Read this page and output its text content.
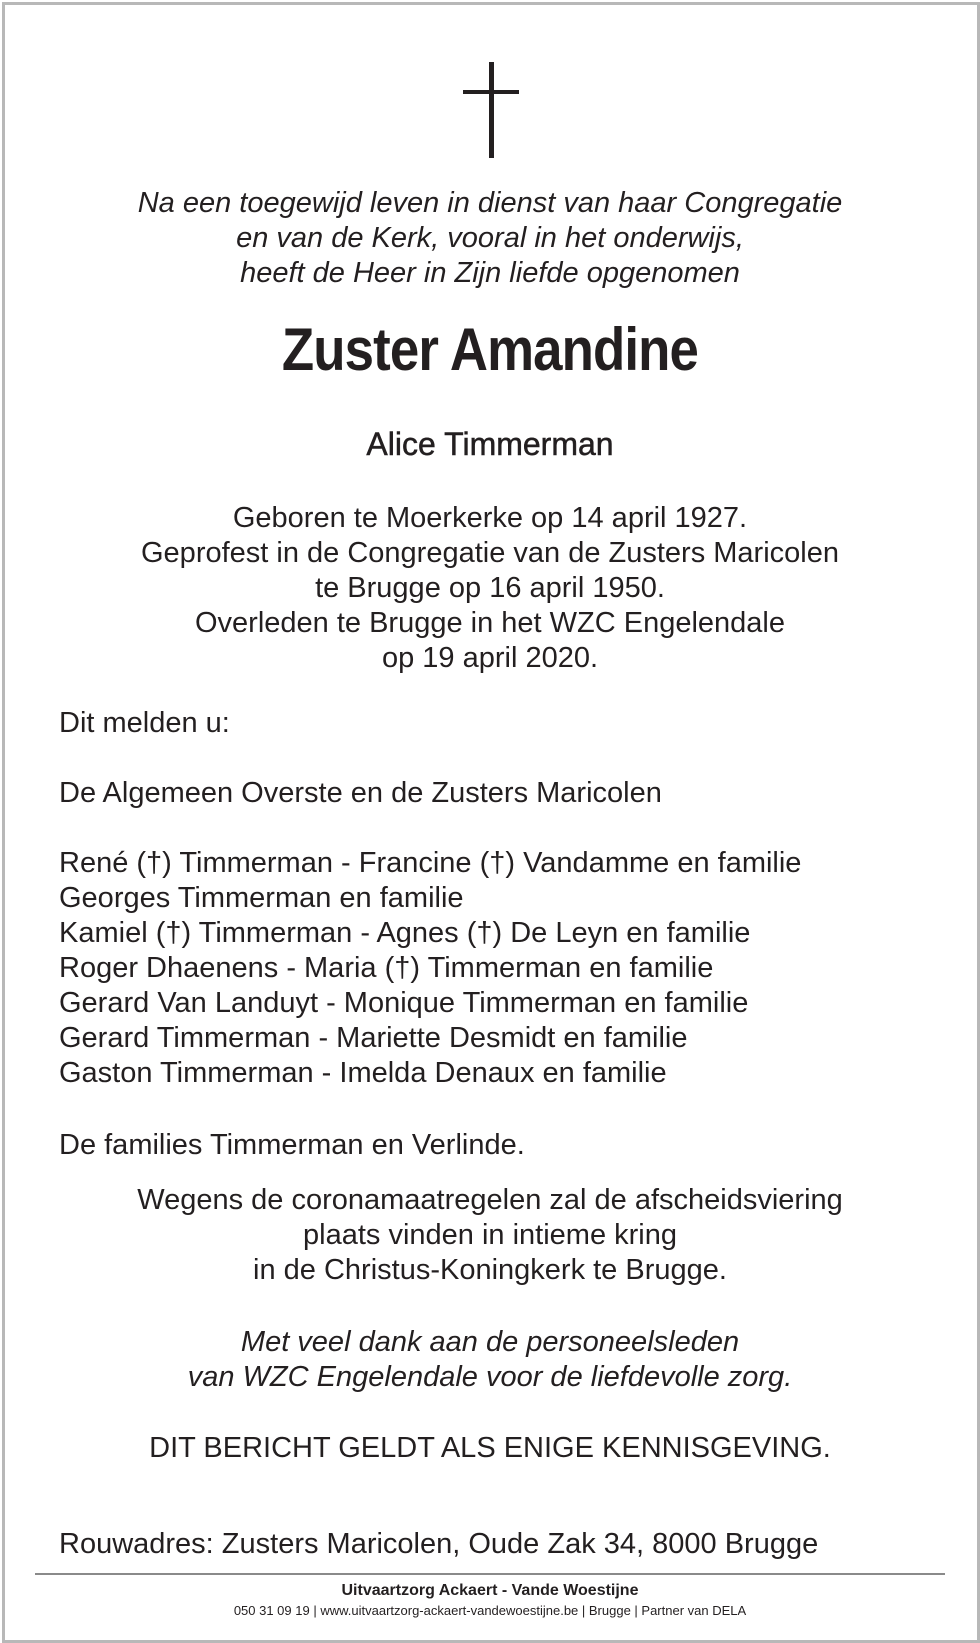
Na een toegewijd leven in dienst van haar Congregatie
en van de Kerk, vooral in het onderwijs,
heeft de Heer in Zijn liefde opgenomen
Zuster Amandine
Alice Timmerman
Geboren te Moerkerke op 14 april 1927.
Geprofest in de Congregatie van de Zusters Maricolen
te Brugge op 16 april 1950.
Overleden te Brugge in het WZC Engelendale
op 19 april 2020.
Dit melden u:
De Algemeen Overste en de Zusters Maricolen
René (†) Timmerman - Francine (†) Vandamme en familie
Georges Timmerman en familie
Kamiel (†) Timmerman - Agnes (†) De Leyn en familie
Roger Dhaenens - Maria (†) Timmerman en familie
Gerard Van Landuyt - Monique Timmerman en familie
Gerard Timmerman - Mariette Desmidt en familie
Gaston Timmerman - Imelda Denaux en familie
De families Timmerman en Verlinde.
Wegens de coronamaatregelen zal de afscheidsviering
plaats vinden in intieme kring
in de Christus-Koningkerk te Brugge.
Met veel dank aan de personeelsleden
van WZC Engelendale voor de liefdevolle zorg.
DIT BERICHT GELDT ALS ENIGE KENNISGEVING.
Rouwadres: Zusters Maricolen, Oude Zak 34, 8000 Brugge
Uitvaartzorg Ackaert - Vande Woestijne
050 31 09 19 | www.uitvaartzorg-ackaert-vandewoestijne.be | Brugge | Partner van DELA
